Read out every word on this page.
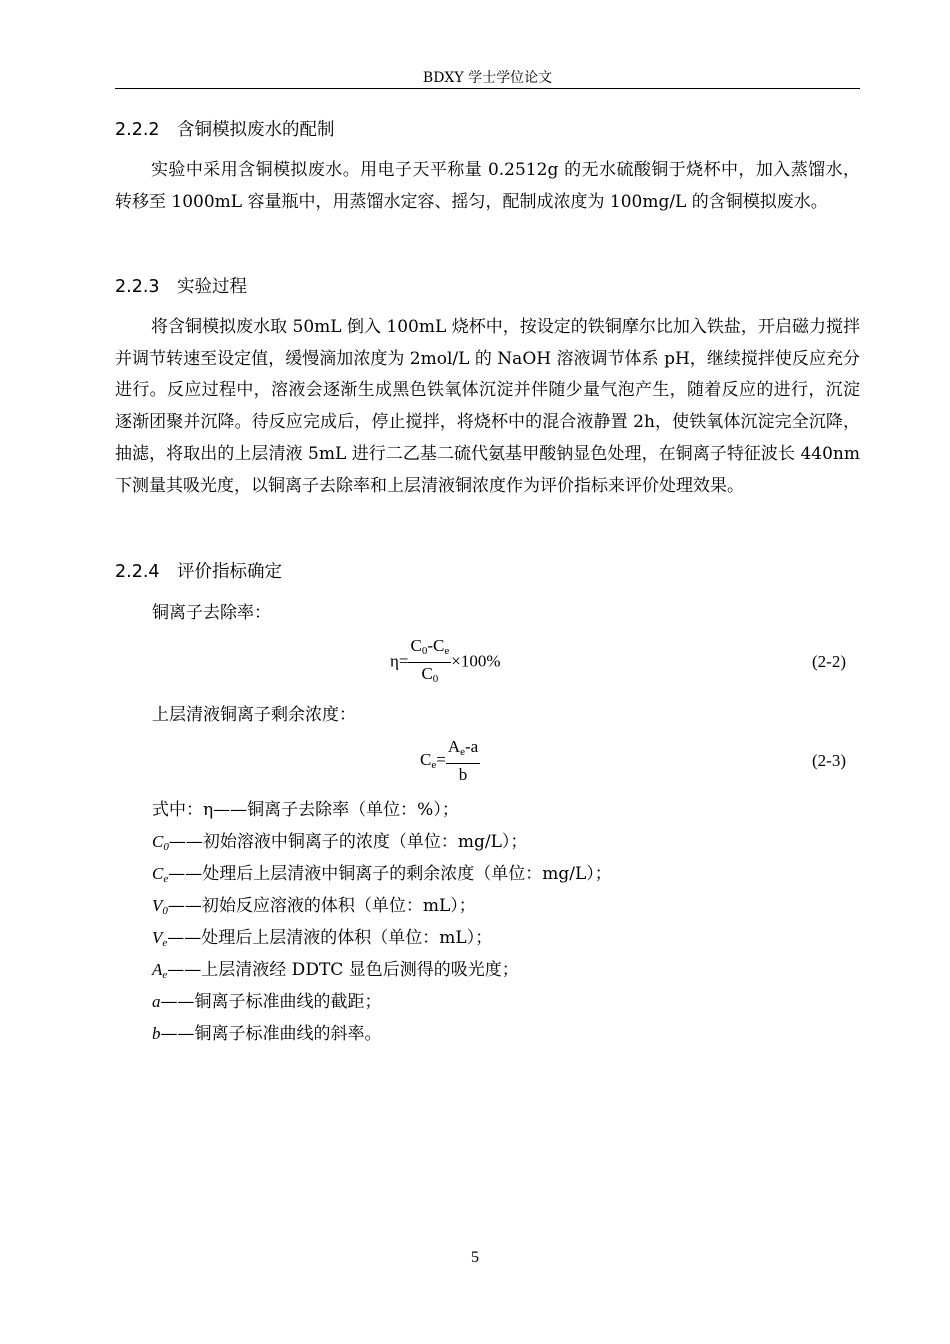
BDXY 学士学位论文
2.2.2 含铜模拟废水的配制
实验中采用含铜模拟废水。用电子天平称量 0.2512g 的无水硫酸铜于烧杯中，加入蒸馏水，转移至 1000mL 容量瓶中，用蒸馏水定容、摇匀，配制成浓度为 100mg/L 的含铜模拟废水。
2.2.3 实验过程
将含铜模拟废水取 50mL 倒入 100mL 烧杯中，按设定的铁铜摩尔比加入铁盐，开启磁力搅拌并调节转速至设定值，缓慢滴加浓度为 2mol/L 的 NaOH 溶液调节体系 pH，继续搅拌使反应充分进行。反应过程中，溶液会逐渐生成黑色铁氧体沉淀并伴随少量气泡产生，随着反应的进行，沉淀逐渐团聚并沉降。待反应完成后，停止搅拌，将烧杯中的混合液静置 2h，使铁氧体沉淀完全沉降，抽滤，将取出的上层清液 5mL 进行二乙基二硫代氨基甲酸钠显色处理，在铜离子特征波长 440nm 下测量其吸光度，以铜离子去除率和上层清液铜浓度作为评价指标来评价处理效果。
2.2.4 评价指标确定
铜离子去除率：
$\eta= \frac{C0-Ce}{C0} \times 100\%$	(2-2)
上层清液铜离子剩余浓度：
$Ce= \frac{Ae-a}{b}$	(2-3)
式中：η——铜离子去除率（单位：%）；
$C_0——$初始溶液中铜离子的浓度（单位：mg/L）；
$C_e——$处理后上层清液中铜离子的剩余浓度（单位：mg/L）；
$V_0——$初始反应溶液的体积（单位：mL）；
$V_e——$处理后上层清液的体积（单位：mL）；
$A_e——$上层清液经 DDTC 显色后测得的吸光度；
a——铜离子标准曲线的截距；
b——铜离子标准曲线的斜率。
5
